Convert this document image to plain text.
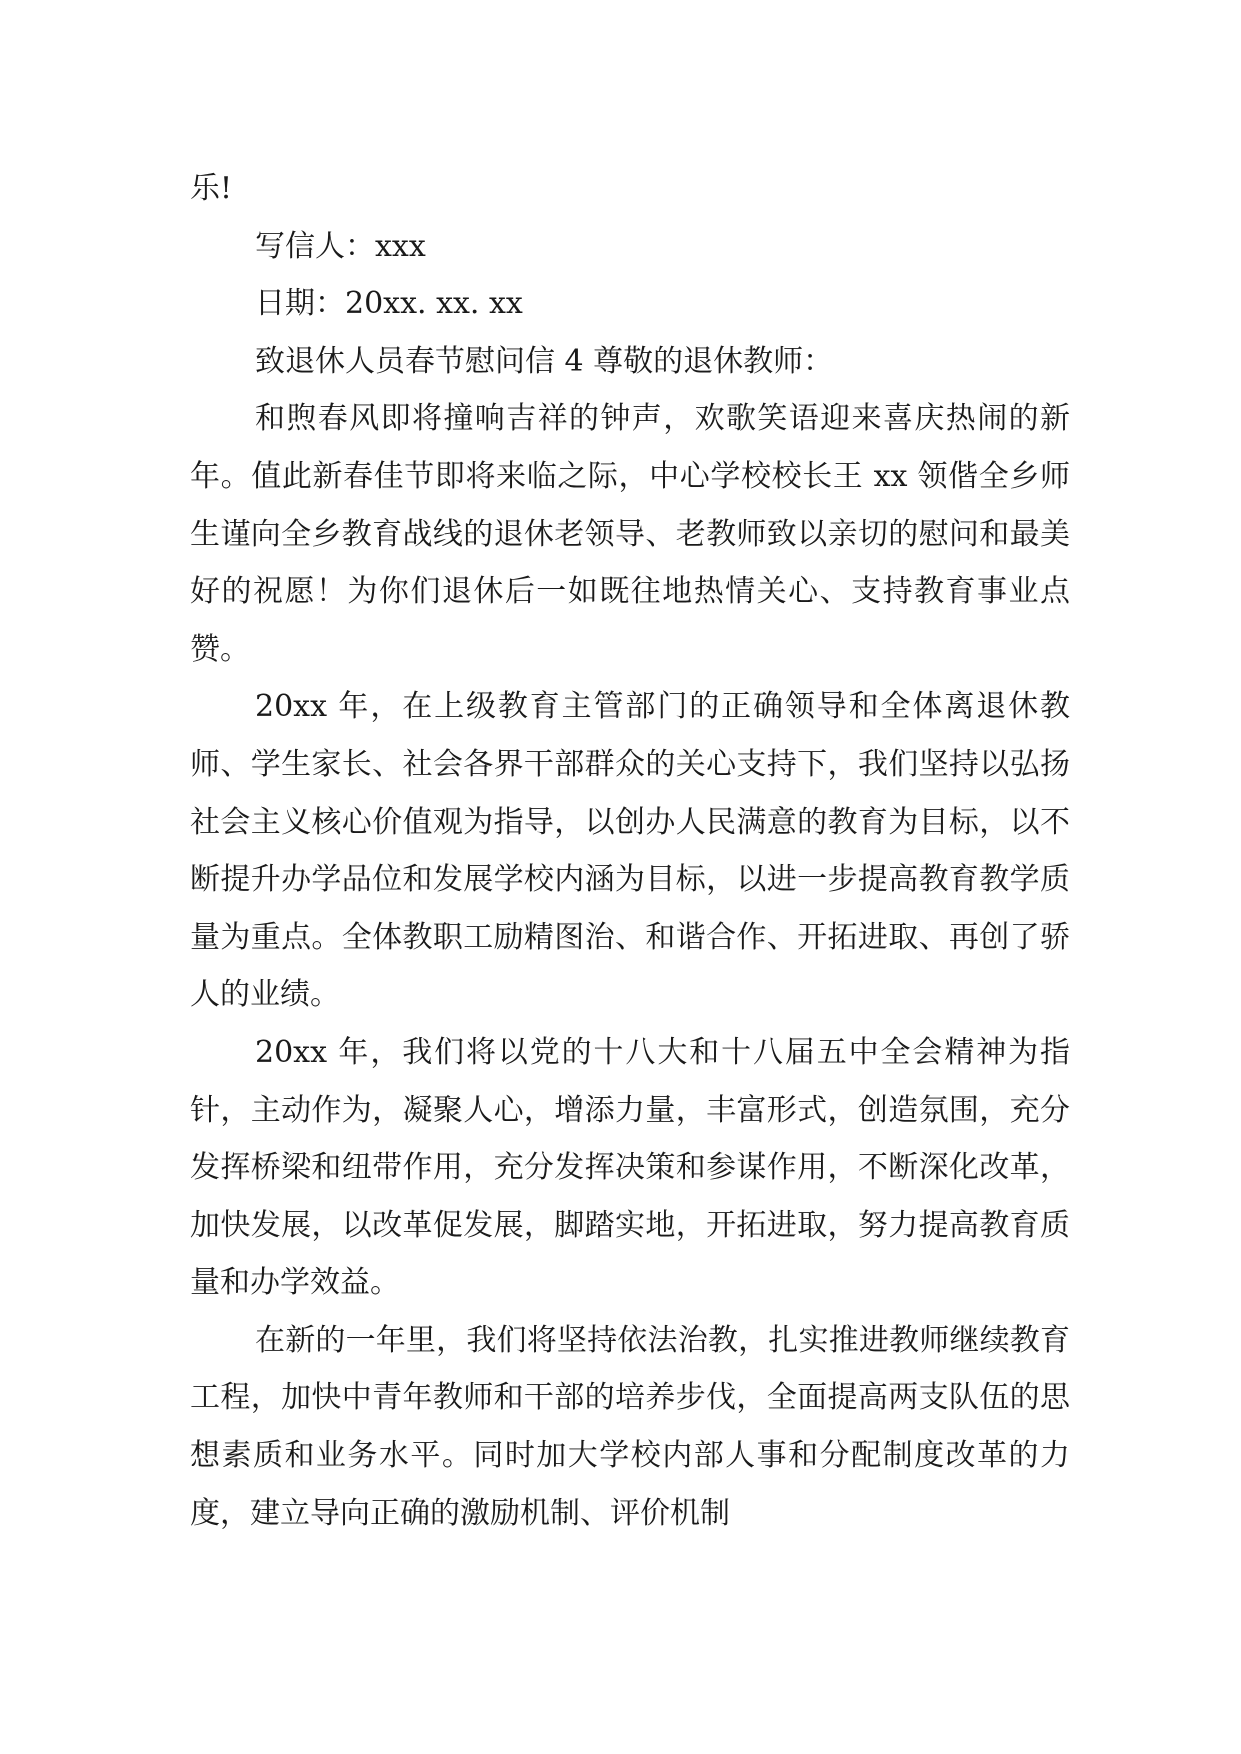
乐!

写信人：xxx

日期：20xx. xx. xx

致退休人员春节慰问信 4 尊敬的退休教师：

和煦春风即将撞响吉祥的钟声，欢歌笑语迎来喜庆热闹的新年。值此新春佳节即将来临之际，中心学校校长王 xx 领偕全乡师生谨向全乡教育战线的退休老领导、老教师致以亲切的慰问和最美好的祝愿！为你们退休后一如既往地热情关心、支持教育事业点赞。

20xx 年，在上级教育主管部门的正确领导和全体离退休教师、学生家长、社会各界干部群众的关心支持下，我们坚持以弘扬社会主义核心价值观为指导，以创办人民满意的教育为目标，以不断提升办学品位和发展学校内涵为目标，以进一步提高教育教学质量为重点。全体教职工励精图治、和谐合作、开拓进取、再创了骄人的业绩。

20xx 年，我们将以党的十八大和十八届五中全会精神为指针，主动作为，凝聚人心，增添力量，丰富形式，创造氛围，充分发挥桥梁和纽带作用，充分发挥决策和参谋作用，不断深化改革，加快发展，以改革促发展，脚踏实地，开拓进取，努力提高教育质量和办学效益。

在新的一年里，我们将坚持依法治教，扎实推进教师继续教育工程，加快中青年教师和干部的培养步伐，全面提高两支队伍的思想素质和业务水平。同时加大学校内部人事和分配制度改革的力度，建立导向正确的激励机制、评价机制
